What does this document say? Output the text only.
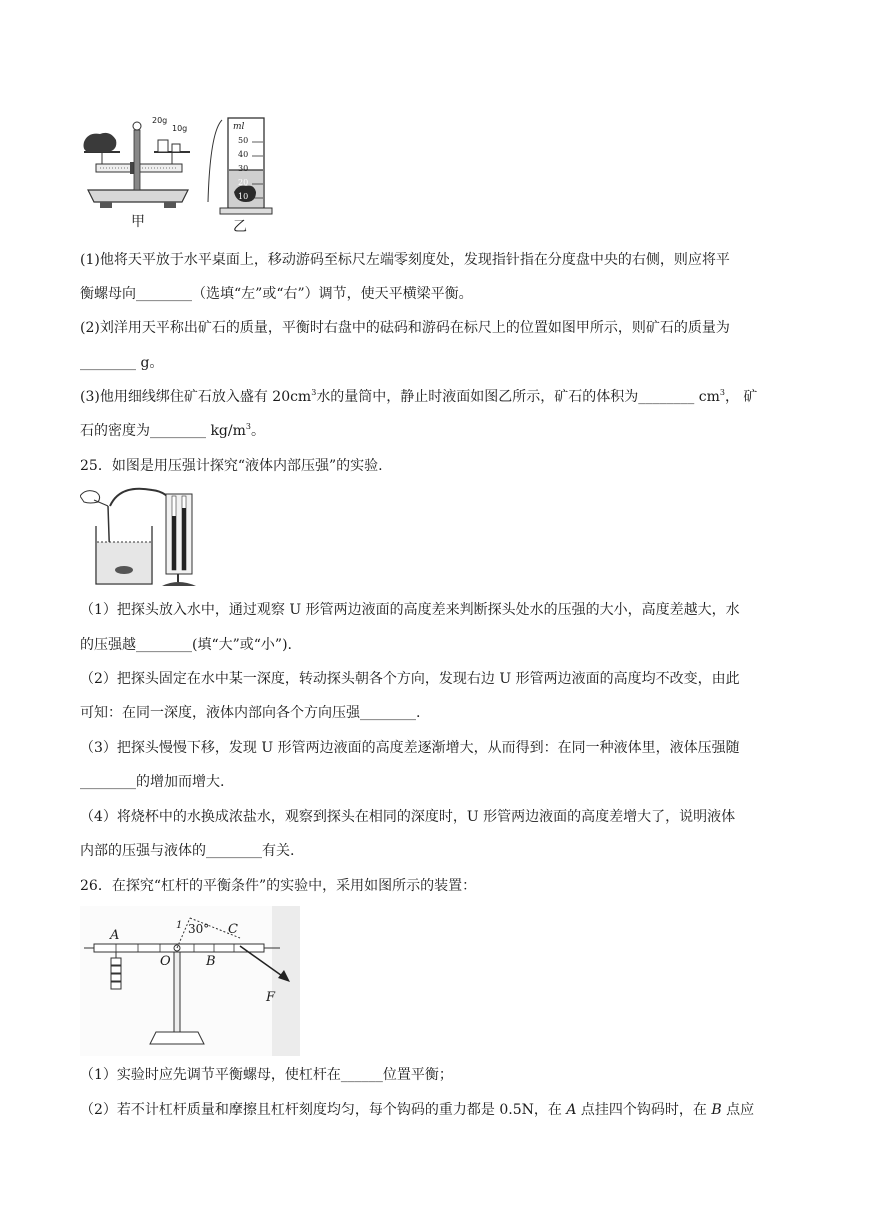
20g
10g
甲
ml
50
40
30
20
10
乙
(1)他将天平放于水平桌面上，移动游码至标尺左端零刻度处，发现指针指在分度盘中央的右侧，则应将平
衡螺母向________（选填“左”或“右”）调节，使天平横梁平衡。
(2)刘洋用天平称出矿石的质量，平衡时右盘中的砝码和游码在标尺上的位置如图甲所示，则矿石的质量为
________ g。
(3)他用细线绑住矿石放入盛有 $20cm^3$水的量筒中，静止时液面如图乙所示，矿石的体积为________ $cm^3$， 矿
石的密度为________ $kg/m^3$。
25．如图是用压强计探究“液体内部压强”的实验.
（1）把探头放入水中，通过观察 U 形管两边液面的高度差来判断探头处水的压强的大小，高度差越大，水
的压强越________(填“大”或“小”).
（2）把探头固定在水中某一深度，转动探头朝各个方向，发现右边 U 形管两边液面的高度均不改变，由此
可知：在同一深度，液体内部向各个方向压强________.
（3）把探头慢慢下移，发现 U 形管两边液面的高度差逐渐增大，从而得到：在同一种液体里，液体压强随
________的增加而增大.
（4）将烧杯中的水换成浓盐水，观察到探头在相同的深度时，U 形管两边液面的高度差增大了，说明液体
内部的压强与液体的________有关.
26．在探究“杠杆的平衡条件”的实验中，采用如图所示的装置：
A
O	B
C
F
30°
1
（1）实验时应先调节平衡螺母，使杠杆在______位置平衡；
（2）若不计杠杆质量和摩擦且杠杆刻度均匀，每个钩码的重力都是 0.5N，在 A 点挂四个钩码时，在 B 点应
